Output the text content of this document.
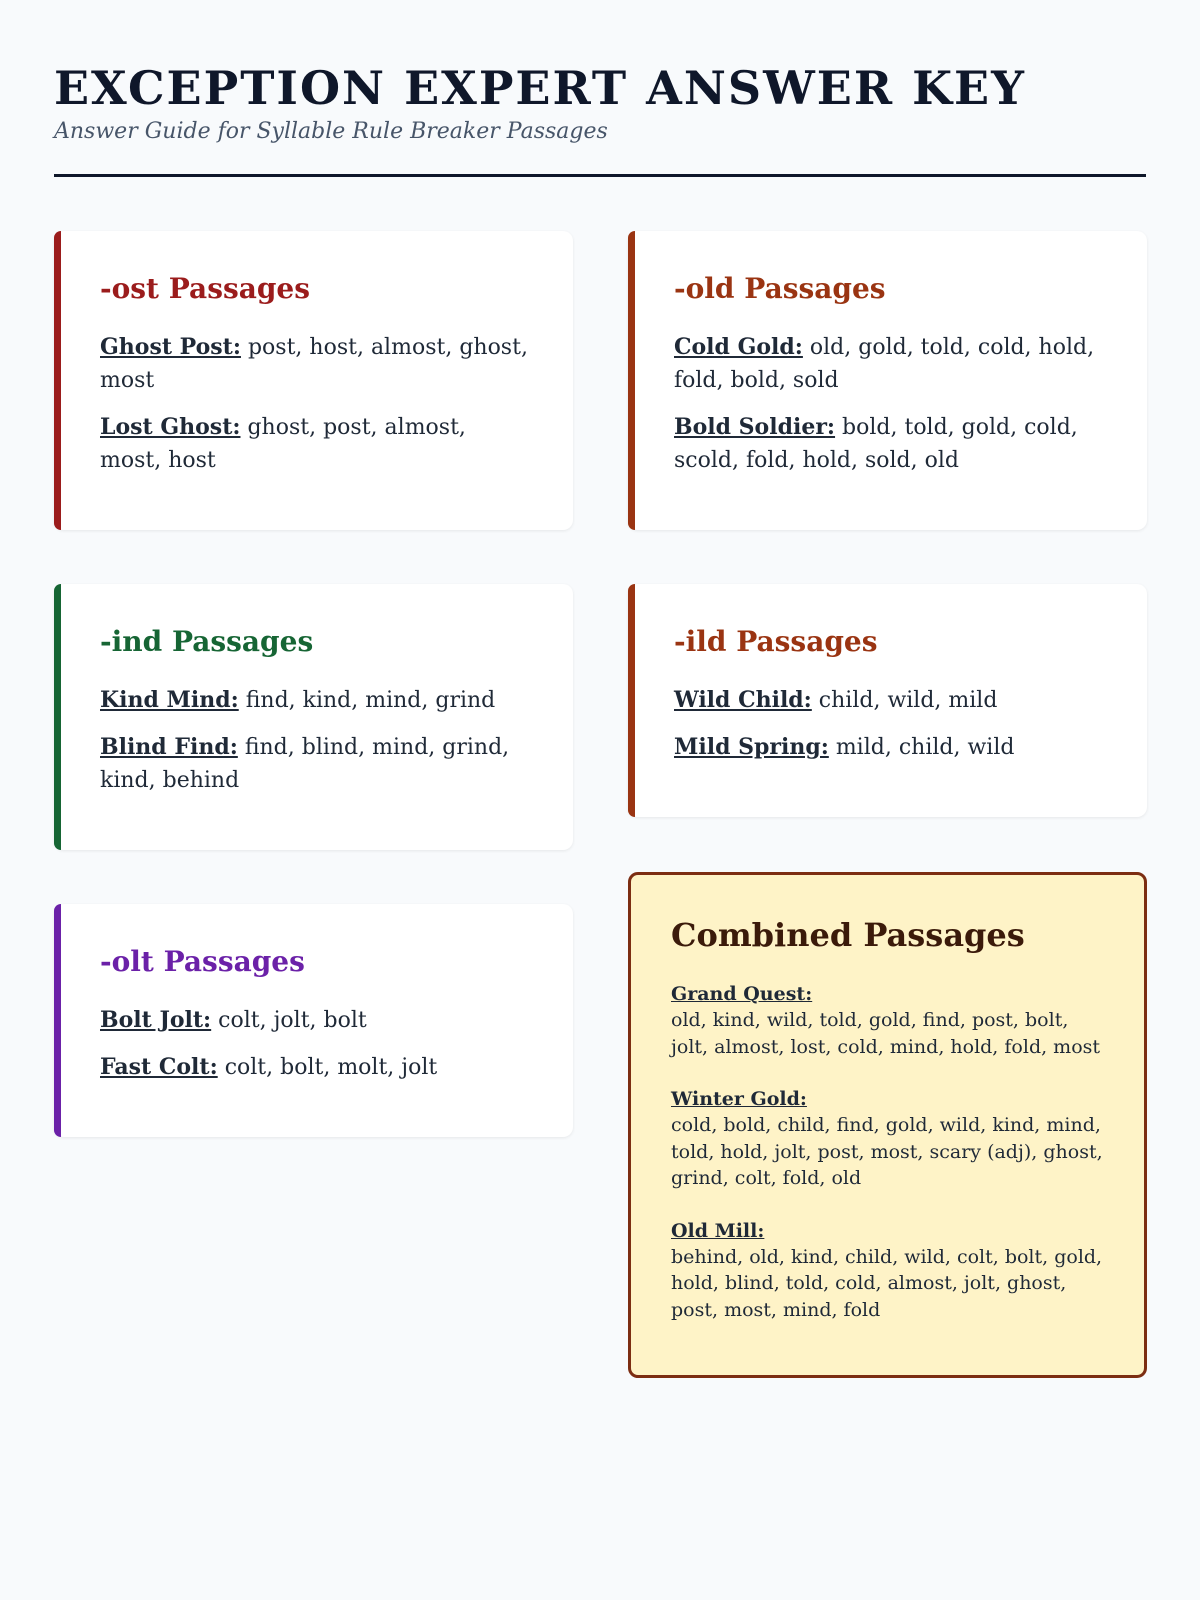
EXCEPTION EXPERT ANSWER KEY
Answer Guide for Syllable Rule Breaker Passages
-ost Passages
Ghost Post: post, host, almost, ghost, most
Lost Ghost: ghost, post, almost, most, host
-old Passages
Cold Gold: old, gold, told, cold, hold, fold, bold, sold
Bold Soldier: bold, told, gold, cold, scold, fold, hold, sold, old
-ind Passages
Kind Mind: find, kind, mind, grind
Blind Find: find, blind, mind, grind, kind, behind
-ild Passages
Wild Child: child, wild, mild
Mild Spring: mild, child, wild
-olt Passages
Bolt Jolt: colt, jolt, bolt
Fast Colt: colt, bolt, molt, jolt
Combined Passages
Grand Quest:
old, kind, wild, told, gold, find, post, bolt, jolt, almost, lost, cold, mind, hold, fold, most
Winter Gold:
cold, bold, child, find, gold, wild, kind, mind, told, hold, jolt, post, most, scary (adj), ghost, grind, colt, fold, old
Old Mill:
behind, old, kind, child, wild, colt, bolt, gold, hold, blind, told, cold, almost, jolt, ghost, post, most, mind, fold
